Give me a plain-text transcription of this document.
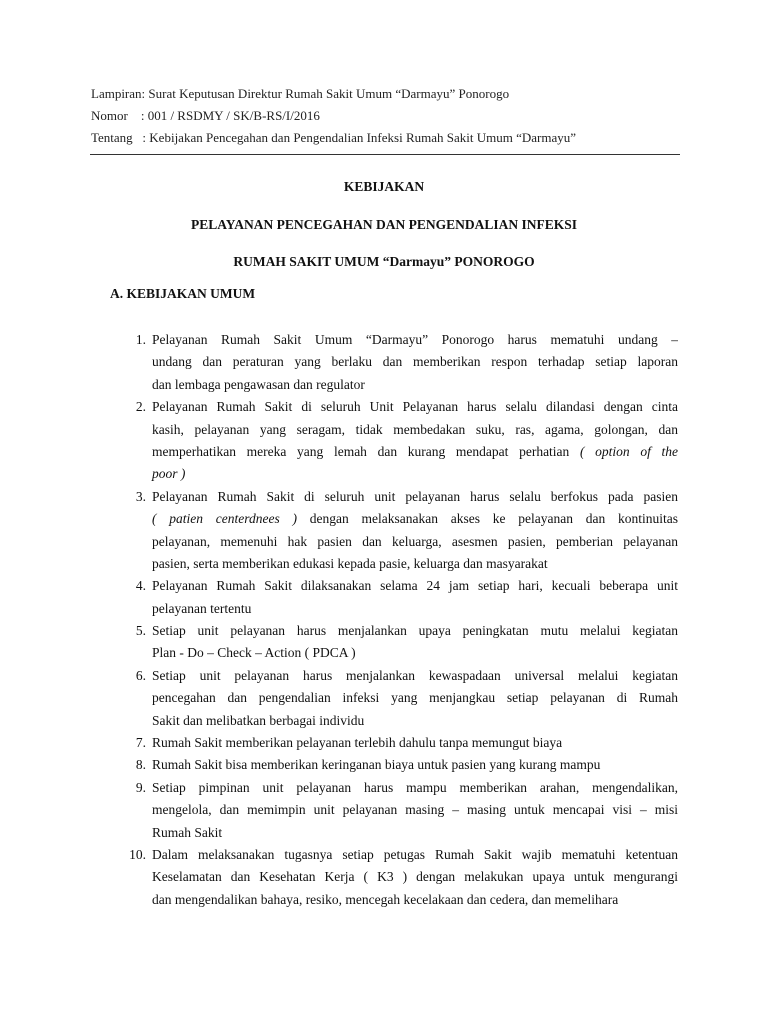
Lampiran: Surat Keputusan Direktur Rumah Sakit Umum “Darmayu” Ponorogo
Nomor    : 001 / RSDMY / SK/B-RS/I/2016
Tentang   : Kebijakan Pencegahan dan Pengendalian Infeksi Rumah Sakit Umum “Darmayu”
KEBIJAKAN
PELAYANAN PENCEGAHAN DAN PENGENDALIAN INFEKSI
RUMAH SAKIT UMUM “Darmayu” PONOROGO
A. KEBIJAKAN UMUM
1. Pelayanan Rumah Sakit Umum “Darmayu” Ponorogo harus mematuhi undang –
undang dan peraturan yang berlaku dan memberikan respon terhadap setiap laporan
dan lembaga pengawasan dan regulator
2. Pelayanan Rumah Sakit di seluruh Unit Pelayanan harus selalu dilandasi dengan cinta
kasih, pelayanan yang seragam, tidak membedakan suku, ras, agama, golongan, dan
memperhatikan mereka yang lemah dan kurang mendapat perhatian ( option of the
poor )
3. Pelayanan Rumah Sakit di seluruh unit pelayanan harus selalu berfokus pada pasien
( patien centerdnees ) dengan melaksanakan akses ke pelayanan dan kontinuitas
pelayanan, memenuhi hak pasien dan keluarga, asesmen pasien, pemberian pelayanan
pasien, serta memberikan edukasi kepada pasie, keluarga dan masyarakat
4. Pelayanan Rumah Sakit dilaksanakan selama 24 jam setiap hari, kecuali beberapa unit
pelayanan tertentu
5. Setiap unit pelayanan harus menjalankan upaya peningkatan mutu melalui kegiatan
Plan - Do – Check – Action ( PDCA )
6. Setiap unit pelayanan harus menjalankan kewaspadaan universal melalui kegiatan
pencegahan dan pengendalian infeksi yang menjangkau setiap pelayanan di Rumah
Sakit dan melibatkan berbagai individu
7. Rumah Sakit memberikan pelayanan terlebih dahulu tanpa memungut biaya
8. Rumah Sakit bisa memberikan keringanan biaya untuk pasien yang kurang mampu
9. Setiap pimpinan unit pelayanan harus mampu memberikan arahan, mengendalikan,
mengelola, dan memimpin unit pelayanan masing – masing untuk mencapai visi – misi
Rumah Sakit
10. Dalam melaksanakan tugasnya setiap petugas Rumah Sakit wajib mematuhi ketentuan
Keselamatan dan Kesehatan Kerja ( K3 ) dengan melakukan upaya untuk mengurangi
dan mengendalikan bahaya, resiko, mencegah kecelakaan dan cedera, dan memelihara
